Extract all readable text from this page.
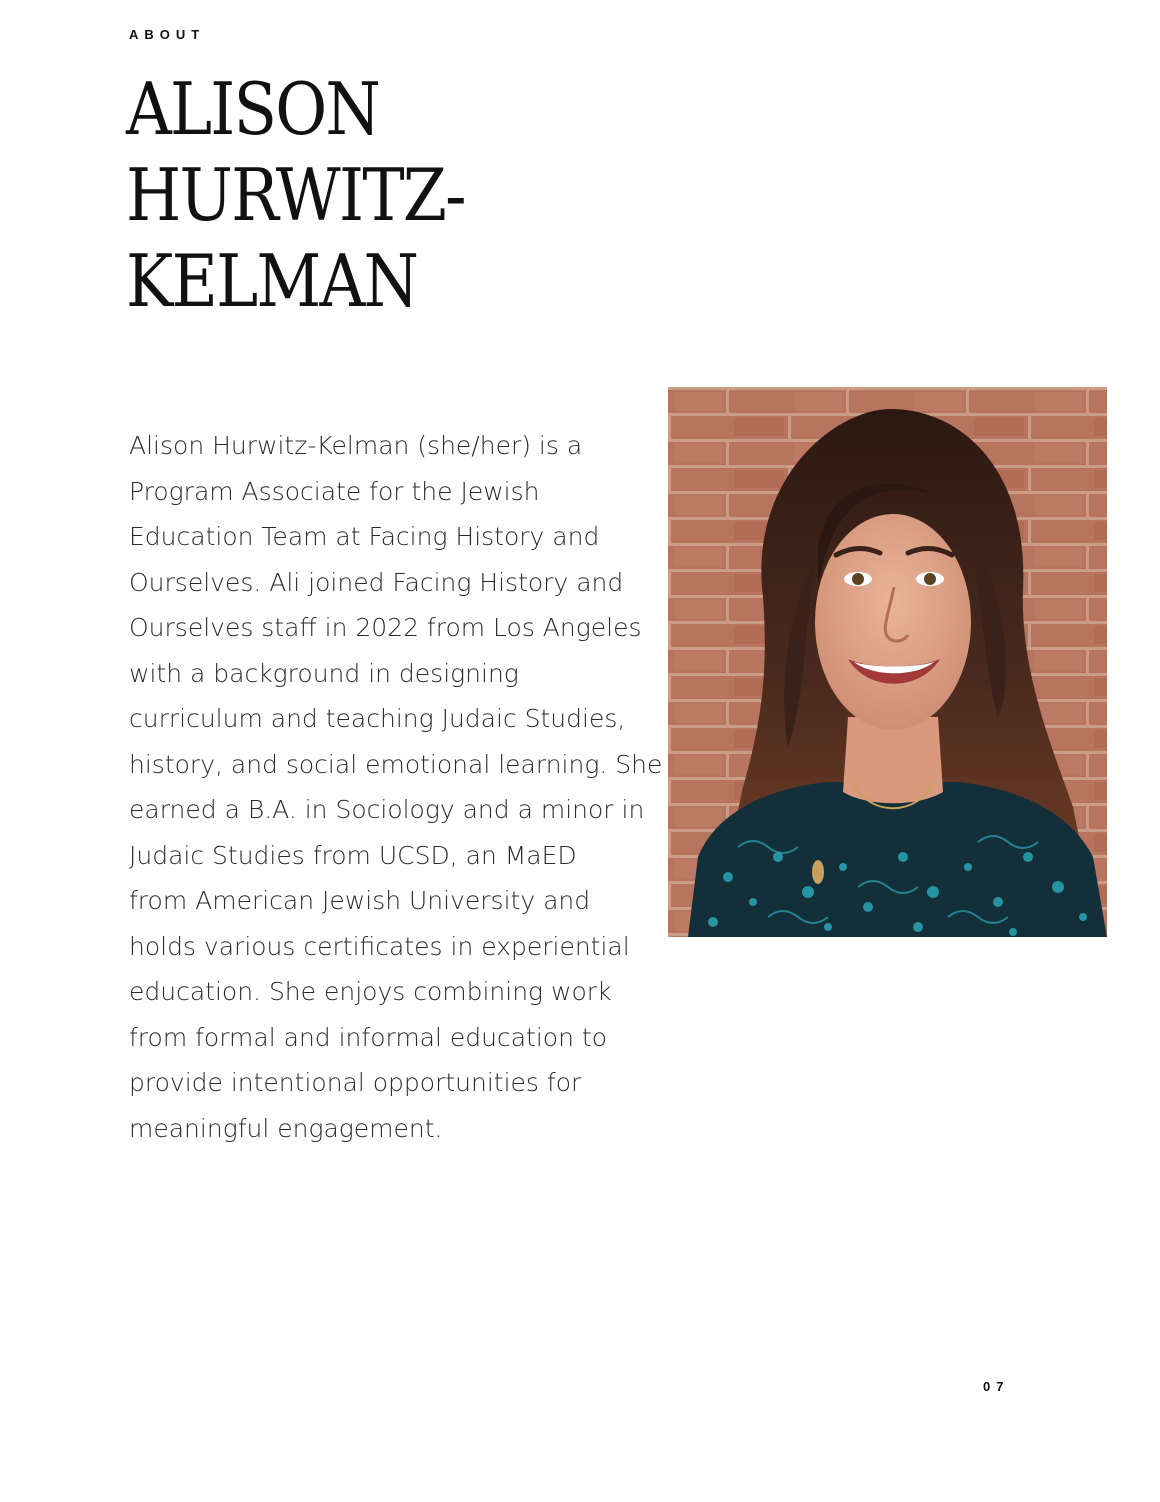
ABOUT
ALISON
HURWITZ-
KELMAN
Alison Hurwitz-Kelman (she/her) is a
Program Associate for the Jewish
Education Team at Facing History and
Ourselves. Ali joined Facing History and
Ourselves staff in 2022 from Los Angeles
with a background in designing
curriculum and teaching Judaic Studies,
history, and social emotional learning. She
earned a B.A. in Sociology and a minor in
Judaic Studies from UCSD, an MaED
from American Jewish University and
holds various certificates in experiential
education. She enjoys combining work
from formal and informal education to
provide intentional opportunities for
meaningful engagement.
07
